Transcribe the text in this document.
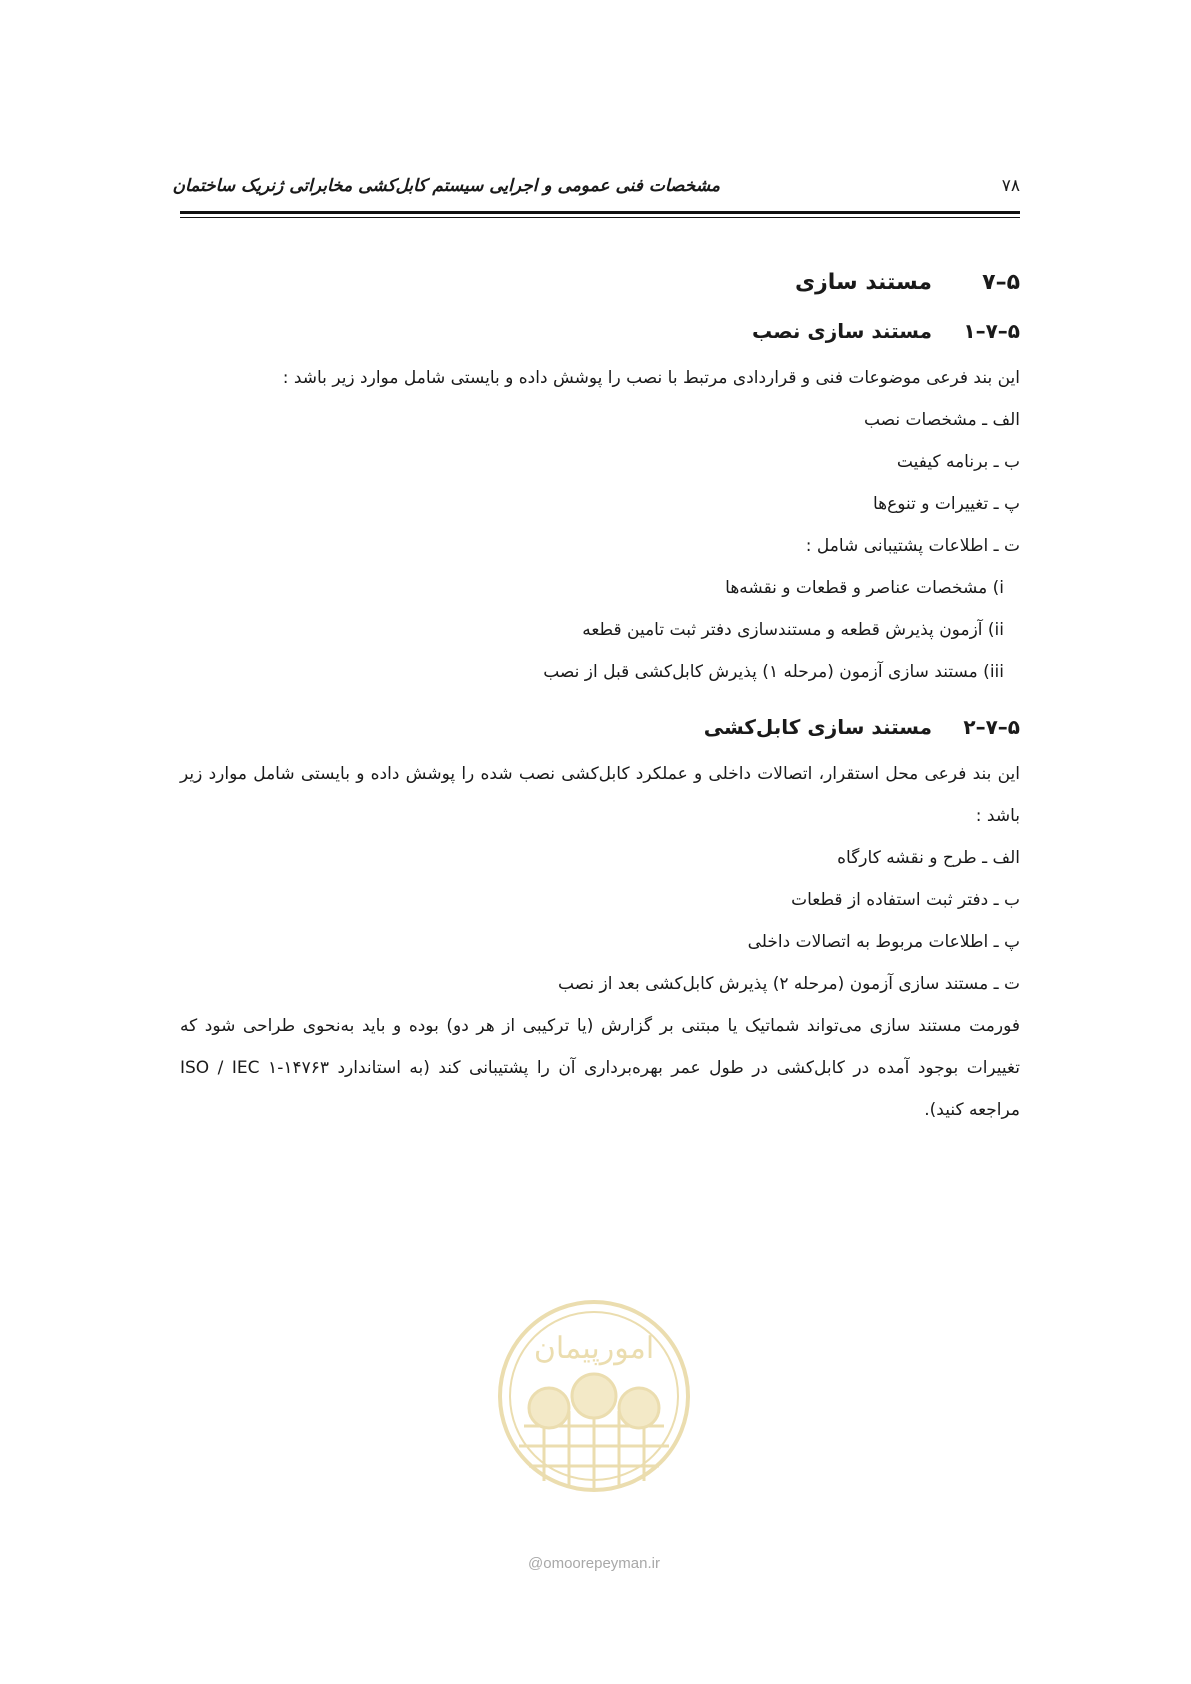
مشخصات فنی عمومی و اجرایی سیستم کابل‌کشی مخابراتی ژنریک ساختمان	۷۸
۵–۷
مستند سازی
۵–۷–۱
مستند سازی نصب

این بند فرعی موضوعات فنی و قراردادی مرتبط با نصب را پوشش داده و بایستی شامل موارد زیر باشد :

الف ـ مشخصات نصب

ب ـ برنامه کیفیت

پ ـ تغییرات و تنوع‌ها

ت ـ اطلاعات پشتیبانی شامل :

i) مشخصات عناصر و قطعات و نقشه‌ها

ii) آزمون پذیرش قطعه و مستندسازی دفتر ثبت تامین قطعه

iii) مستند سازی آزمون (مرحله ۱) پذیرش کابل‌کشی قبل از نصب

۵–۷–۲
مستند سازی کابل‌کشی

این بند فرعی محل استقرار، اتصالات داخلی و عملکرد کابل‌کشی نصب شده را پوشش داده و بایستی شامل موارد زیر باشد :

الف ـ طرح و نقشه کارگاه

ب ـ دفتر ثبت استفاده از قطعات

پ ـ اطلاعات مربوط به اتصالات داخلی

ت ـ مستند سازی آزمون (مرحله ۲) پذیرش کابل‌کشی بعد از نصب

فورمت مستند سازی می‌تواند شماتیک یا مبتنی بر گزارش (یا ترکیبی از هر دو) بوده و باید به‌نحوی طراحی شود که تغییرات بوجود آمده در کابل‌کشی در طول عمر بهره‌برداری آن را پشتیبانی کند (به استاندارد ۱۴۷۶۳-۱ ISO / IEC مراجعه کنید).

امورپیمان
@omoorepeyman.ir
